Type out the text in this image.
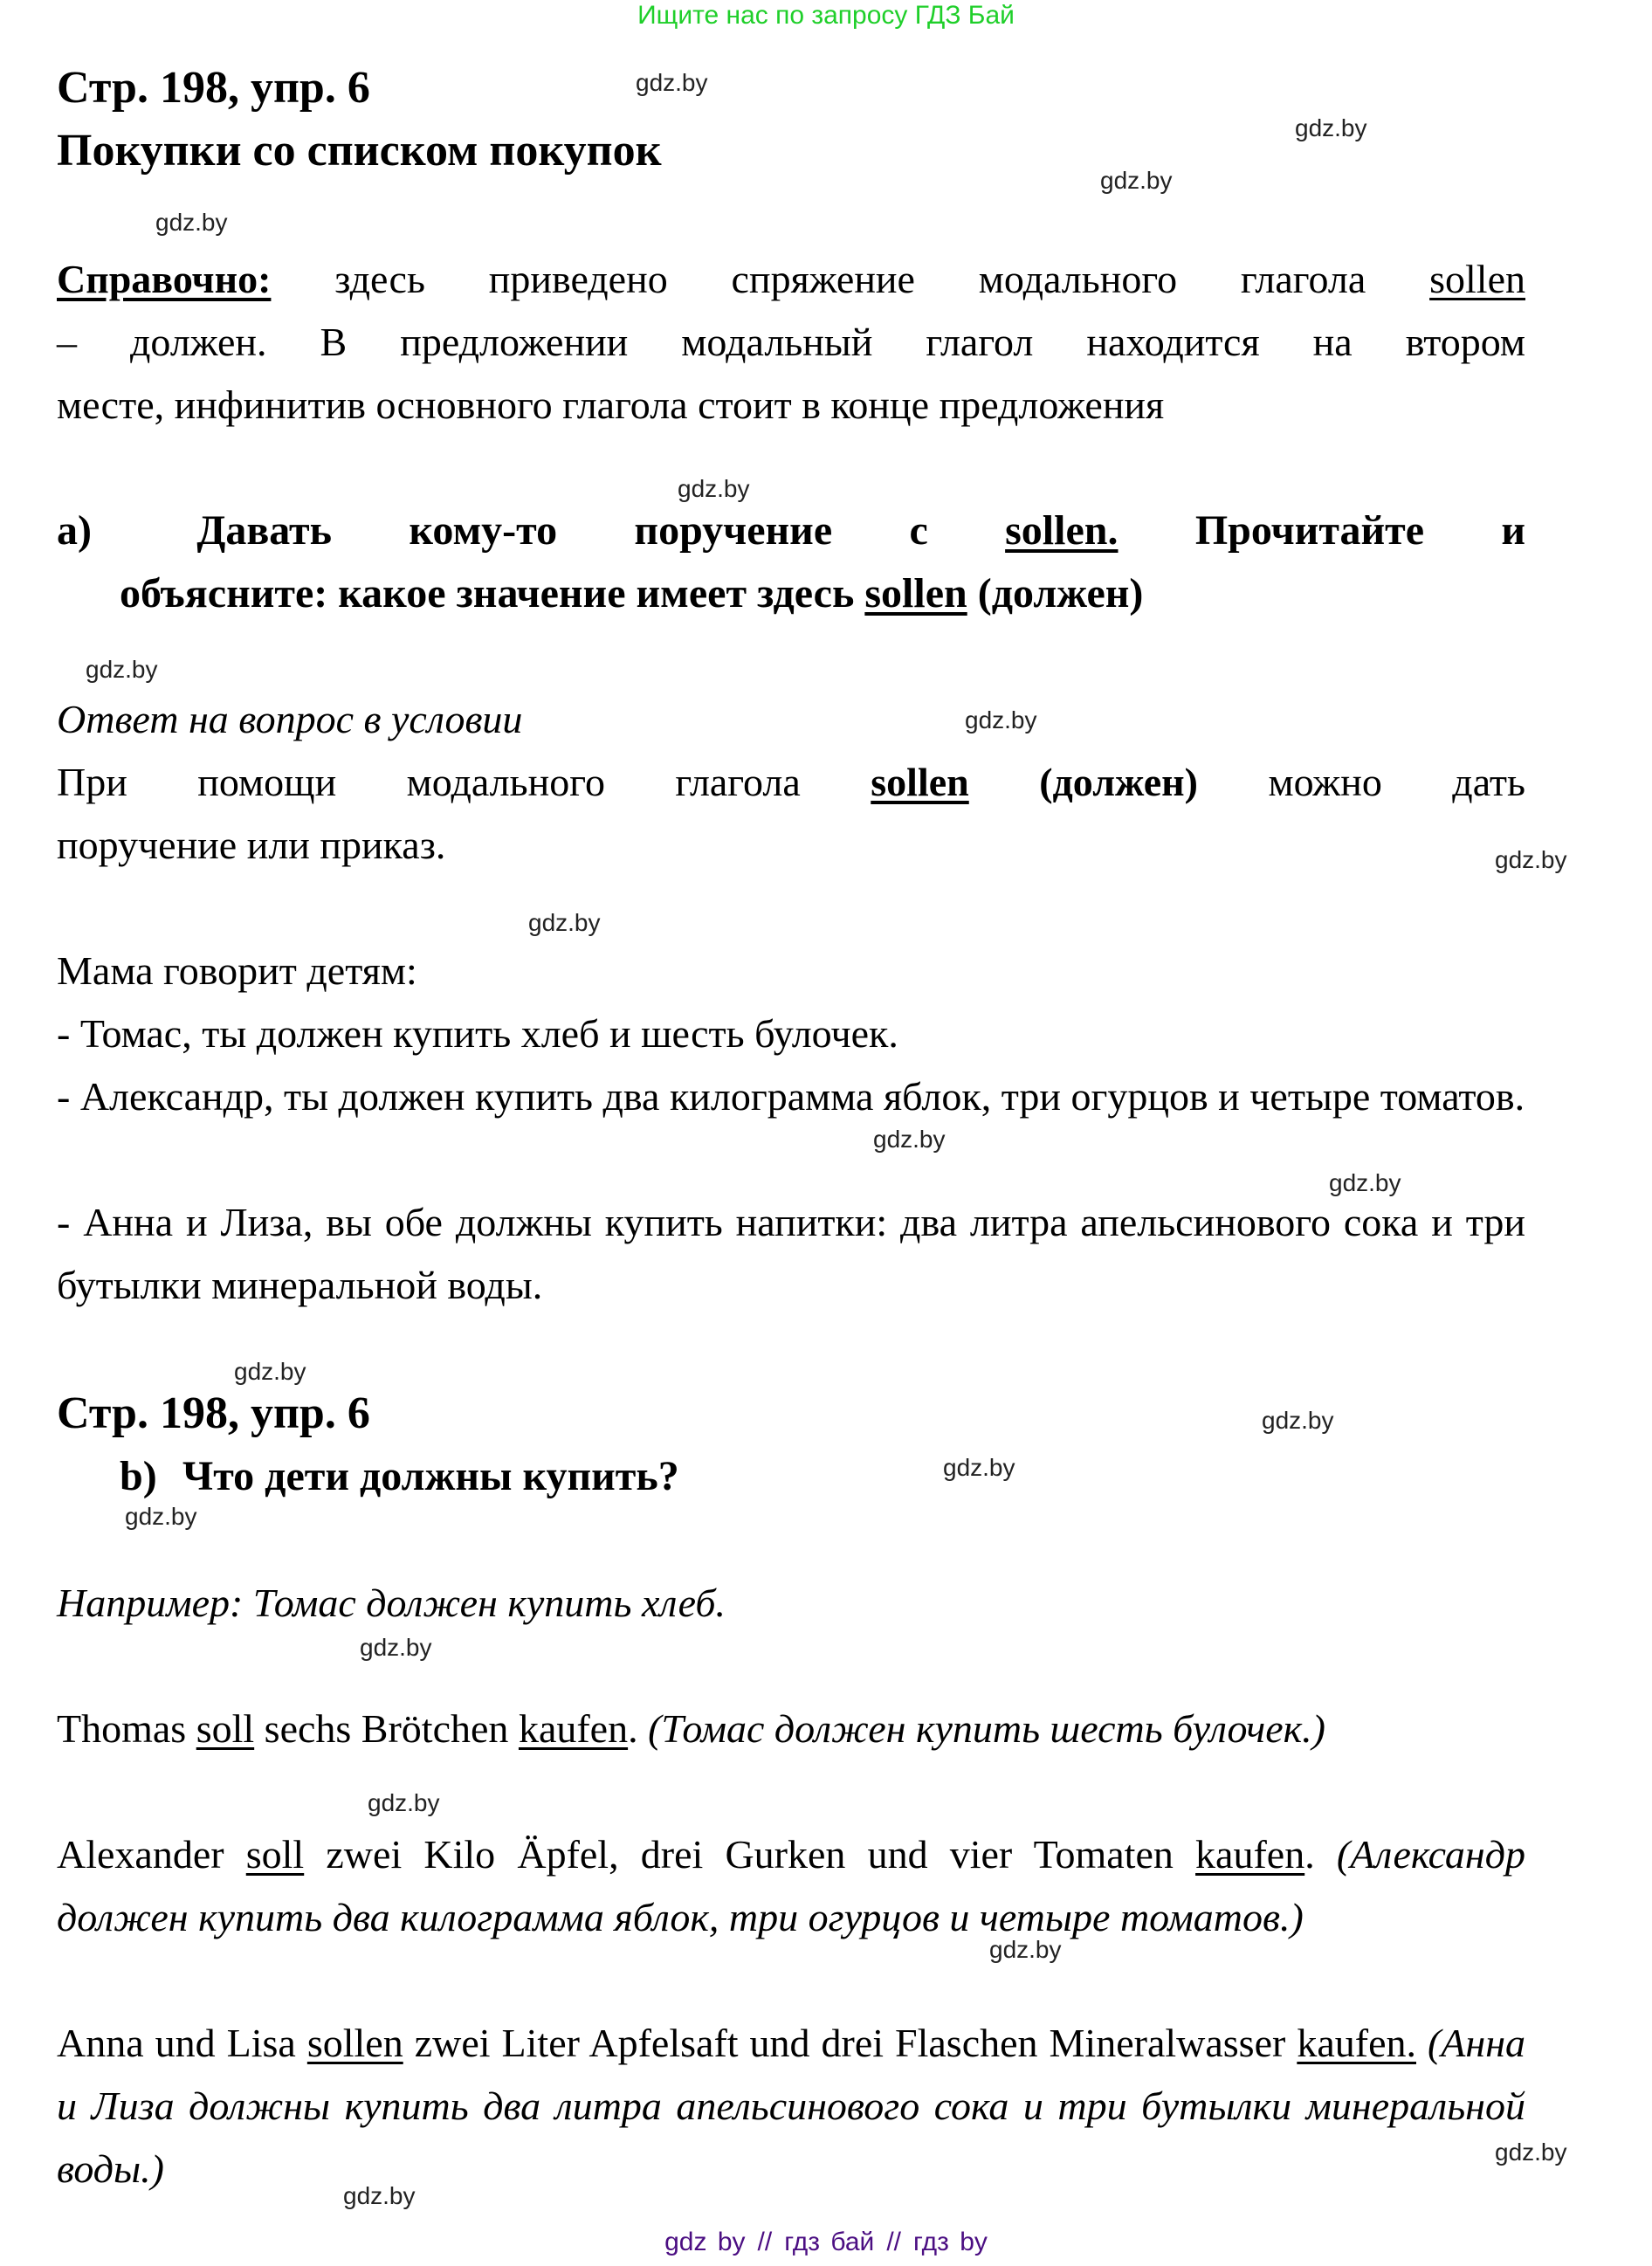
Ищите нас по запросу ГДЗ Бай
gdz.by
gdz.by
gdz.by
gdz.by
gdz.by
gdz.by
gdz.by
gdz.by
gdz.by
gdz.by
gdz.by
gdz.by
gdz.by
gdz.by
gdz.by
gdz.by
gdz.by
gdz.by
gdz.by
gdz.by
Стр. 198, упр. 6
Покупки со списком покупок
Справочно: здесь приведено спряжение модального глагола sollen
– должен. В предложении модальный глагол находится на втором
месте, инфинитив основного глагола стоит в конце предложения
a)	Давать кому-то поручение с sollen. Прочитайте и
объясните: какое значение имеет здесь sollen (должен)
Ответ на вопрос в условии
При помощи модального глагола sollen (должен) можно дать
поручение или приказ.
Мама говорит детям:
- Томас, ты должен купить хлеб и шесть булочек.
- Александр, ты должен купить два килограмма яблок, три огурцов и четыре томатов.
- Анна и Лиза, вы обе должны купить напитки: два литра апельсинового сока и три бутылки минеральной воды.
Стр. 198, упр. 6
b) Что дети должны купить?
Например: Томас должен купить хлеб.
Thomas soll sechs Brötchen kaufen. (Томас должен купить шесть булочек.)
Alexander soll zwei Kilo Äpfel, drei Gurken und vier Tomaten kaufen. (Александр должен купить два килограмма яблок, три огурцов и четыре томатов.)
Anna und Lisa sollen zwei Liter Apfelsaft und drei Flaschen Mineralwasser kaufen. (Анна и Лиза должны купить два литра апельсинового сока и три бутылки минеральной воды.)
gdz by // гдз бай // гдз by
